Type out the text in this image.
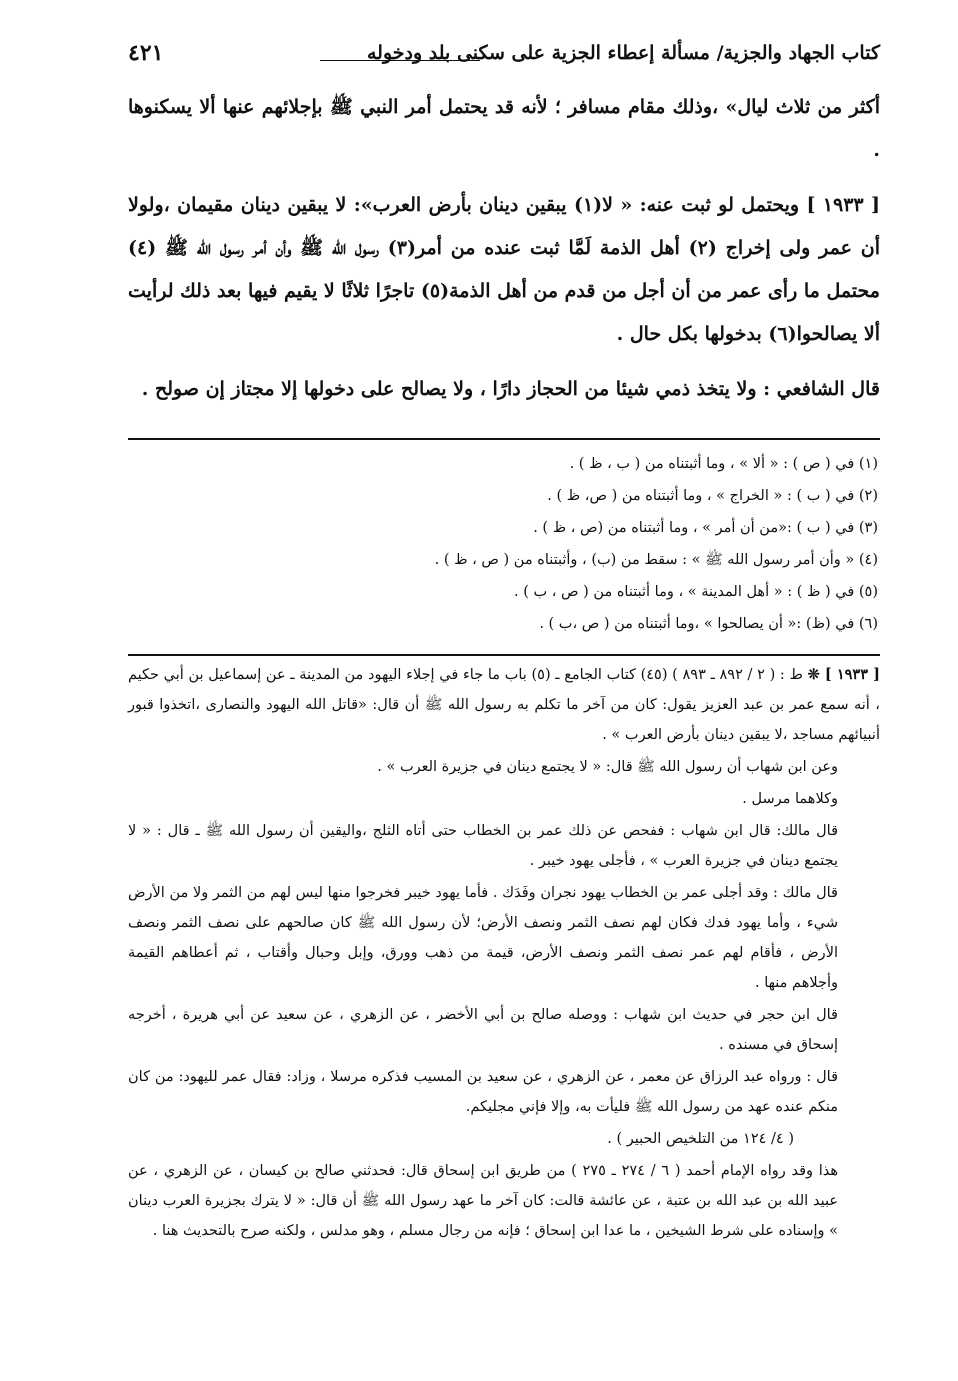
كتاب الجهاد والجزية/ مسألة إعطاء الجزية على سكنى بلد ودخوله
٤٢١

أكثر من ثلاث ليال» ،وذلك مقام مسافر ؛ لأنه قد يحتمل أمر النبي ﷺ بإجلائهم عنها ألا يسكنوها .

[ ١٩٣٣ ] ويحتمل لو ثبت عنه: « لا(١) يبقين دينان بأرض العرب»: لا يبقين دينان مقيمان ،ولولا أن عمر ولى إخراج (٢) أهل الذمة لَمَّا ثبت عنده من أمر(٣) رسول الله ﷺ وأن أمر رسول الله ﷺ (٤) محتمل ما رأى عمر من أن أجل من قدم من أهل الذمة(٥) تاجرًا ثلاثًا لا يقيم فيها بعد ذلك لرأيت ألا يصالحوا(٦) بدخولها بكل حال .

قال الشافعي : ولا يتخذ ذمي شيئا من الحجاز دارًا ، ولا يصالح على دخولها إلا مجتاز إن صولح .

(١) في ( ص ) : « ألا » ، وما أثبتناه من ( ب ، ظ ) .

(٢) في ( ب ) : « الخراج » ، وما أثبتناه من ( ص، ظ ) .

(٣) في ( ب ) :«من أن أمر » ، وما أثبتناه من (ص ، ظ ) .

(٤) « وأن أمر رسول الله ﷺ » : سقط من (ب) ، وأثبتناه من ( ص ، ظ ) .

(٥) في ( ظ ) : « أهل المدينة » ، وما أثبتناه من ( ص ، ب ) .

(٦) في (ظ) :« أن يصالحوا » ،وما أثبتناه من ( ص ،ب ) .

[ ١٩٣٣ ] ❊ ط : ( ٢ / ٨٩٢ ـ ٨٩٣ ) (٤٥) كتاب الجامع ـ (٥) باب ما جاء في إجلاء اليهود من المدينة ـ عن إسماعيل بن أبي حكيم ، أنه سمع عمر بن عبد العزيز يقول: كان من آخر ما تكلم به رسول الله ﷺ أن قال: «قاتل الله اليهود والنصارى ،اتخذوا قبور أنبيائهم مساجد ،لا يبقين دينان بأرض العرب » .

وعن ابن شهاب أن رسول الله ﷺ قال: « لا يجتمع دينان في جزيرة العرب » .

وكلاهما مرسل .

قال مالك: قال ابن شهاب : ففحص عن ذلك عمر بن الخطاب حتى أتاه الثلج ،واليقين أن رسول الله ﷺ ـ قال : « لا يجتمع دينان في جزيرة العرب » ، فأجلى يهود خيبر .

قال مالك : وقد أجلى عمر بن الخطاب يهود نجران وفَدَك . فأما يهود خيبر فخرجوا منها ليس لهم من الثمر ولا من الأرض شيء ، وأما يهود فدك فكان لهم نصف الثمر ونصف الأرض؛ لأن رسول الله ﷺ كان صالحهم على نصف الثمر ونصف الأرض ، فأقام لهم عمر نصف الثمر ونصف الأرض، قيمة من ذهب وورق، وإبل وحبال وأقتاب ، ثم أعطاهم القيمة وأجلاهم منها .

قال ابن حجر في حديث ابن شهاب : ووصله صالح بن أبي الأخضر ، عن الزهري ، عن سعيد عن أبي هريرة ، أخرجه إسحاق في مسنده .

قال : ورواه عبد الرزاق عن معمر ، عن الزهري ، عن سعيد بن المسيب فذكره مرسلا ، وزاد: فقال عمر لليهود: من كان منكم عنده عهد من رسول الله ﷺ فليأت به، وإلا فإني مجليكم.

( ٤/ ١٢٤ من التلخيص الحبير ) .

هذا وقد رواه الإمام أحمد ( ٦ / ٢٧٤ ـ ٢٧٥ ) من طريق ابن إسحاق قال: فحدثني صالح بن كيسان ، عن الزهري ، عن عبيد الله بن عبد الله بن عتبة ، عن عائشة قالت: كان آخر ما عهد رسول الله ﷺ أن قال: « لا يترك بجزيرة العرب دينان » وإسناده على شرط الشيخين ، ما عدا ابن إسحاق ؛ فإنه من رجال مسلم ، وهو مدلس ، ولكنه صرح بالتحديث هنا .
